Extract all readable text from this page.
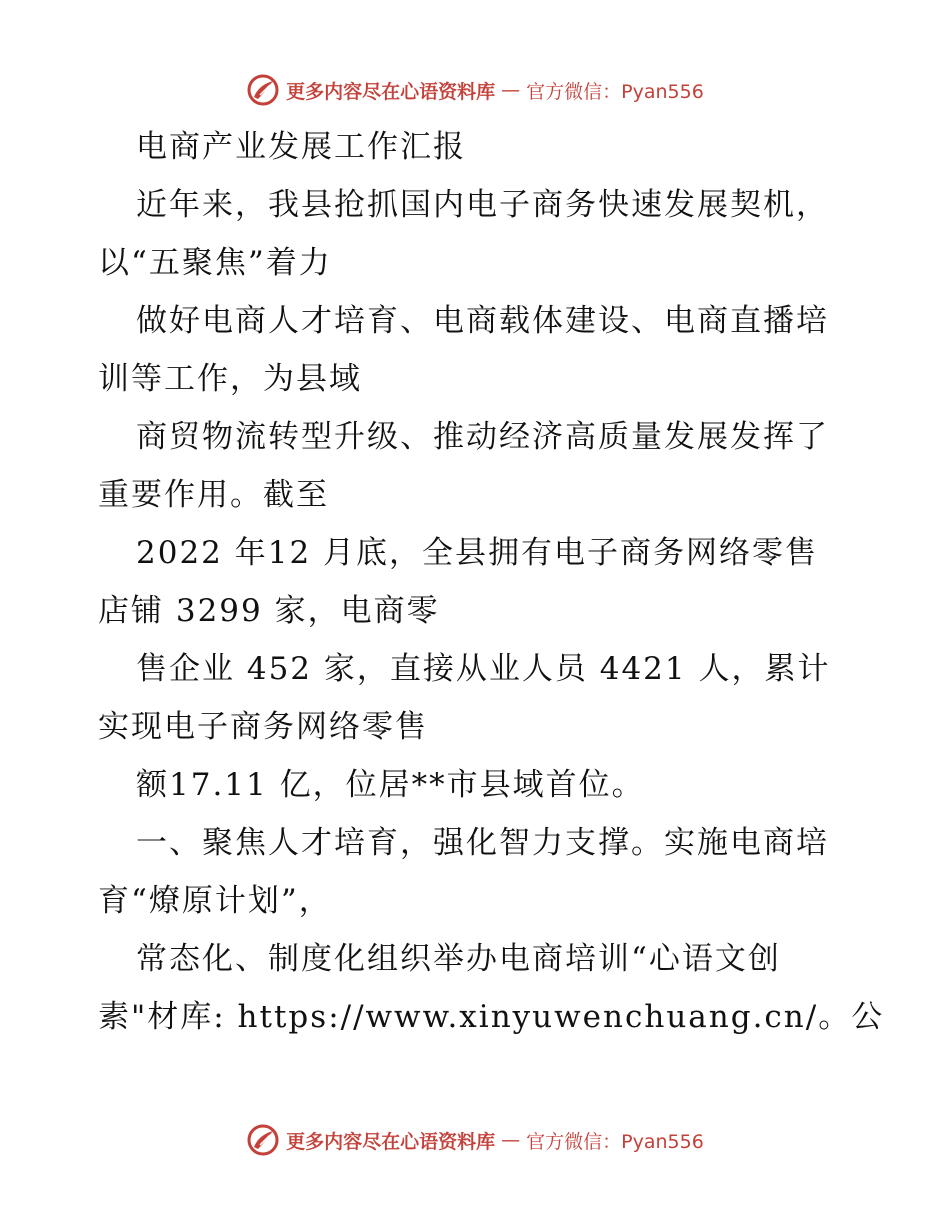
更多内容尽在心语资料库 — 官方微信：Pyan556
电商产业发展工作汇报
近年来，我县抢抓国内电子商务快速发展契机，
以“五聚焦”着力
做好电商人才培育、电商载体建设、电商直播培
训等工作，为县域
商贸物流转型升级、推动经济高质量发展发挥了
重要作用。截至
2022 年12 月底，全县拥有电子商务网络零售
店铺 3299 家，电商零
售企业 452 家，直接从业人员 4421 人，累计
实现电子商务网络零售
额17.11 亿，位居**市县域首位。
一、聚焦人才培育，强化智力支撑。实施电商培
育“燎原计划”，
常态化、制度化组织举办电商培训“心语文创
素"材库: https://www.xinyuwenchuang.cn/。公
更多内容尽在心语资料库 — 官方微信：Pyan556
